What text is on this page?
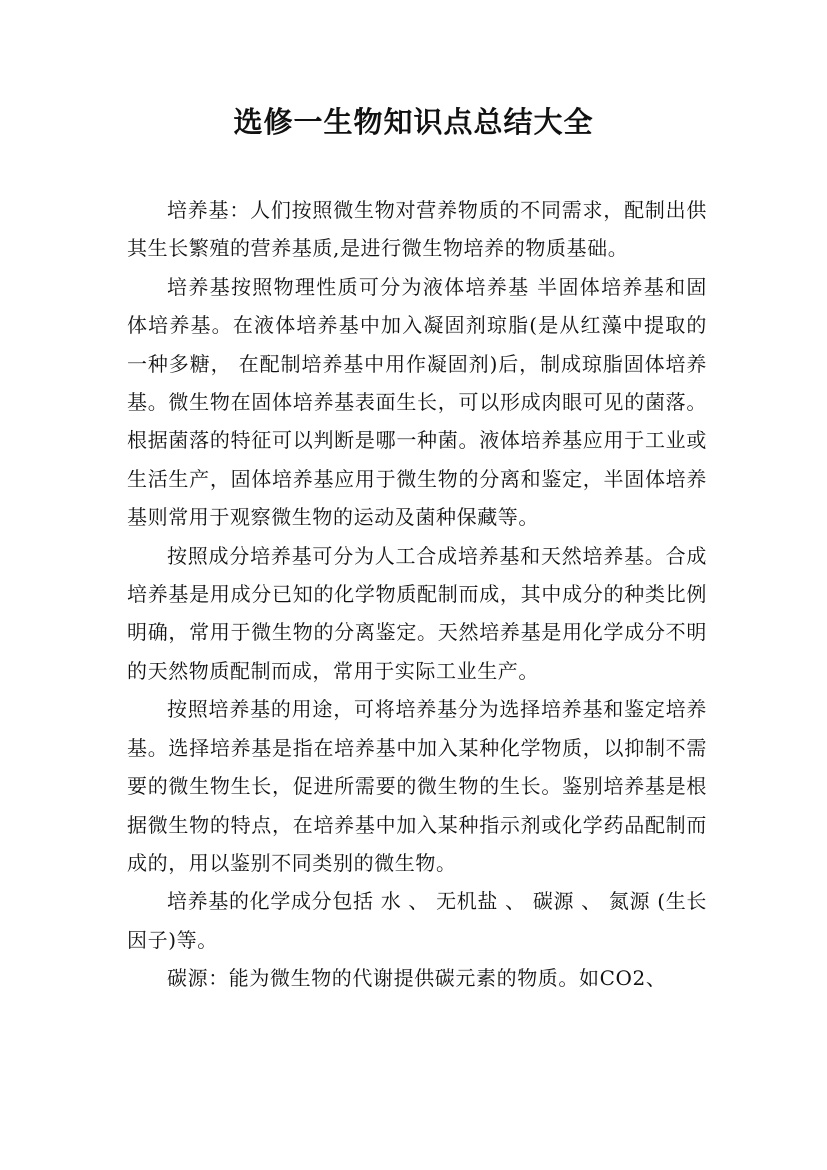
选修一生物知识点总结大全

培养基：人们按照微生物对营养物质的不同需求，配制出供其生长繁殖的营养基质,是进行微生物培养的物质基础。

培养基按照物理性质可分为液体培养基 半固体培养基和固体培养基。在液体培养基中加入凝固剂琼脂(是从红藻中提取的一种多糖， 在配制培养基中用作凝固剂)后，制成琼脂固体培养基。微生物在固体培养基表面生长，可以形成肉眼可见的菌落。根据菌落的特征可以判断是哪一种菌。液体培养基应用于工业或生活生产，固体培养基应用于微生物的分离和鉴定，半固体培养基则常用于观察微生物的运动及菌种保藏等。

按照成分培养基可分为人工合成培养基和天然培养基。合成培养基是用成分已知的化学物质配制而成，其中成分的种类比例明确，常用于微生物的分离鉴定。天然培养基是用化学成分不明的天然物质配制而成，常用于实际工业生产。

按照培养基的用途，可将培养基分为选择培养基和鉴定培养基。选择培养基是指在培养基中加入某种化学物质，以抑制不需要的微生物生长，促进所需要的微生物的生长。鉴别培养基是根据微生物的特点，在培养基中加入某种指示剂或化学药品配制而成的，用以鉴别不同类别的微生物。

培养基的化学成分包括 水 、 无机盐 、 碳源 、 氮源 (生长因子)等。

碳源：能为微生物的代谢提供碳元素的物质。如CO2、
